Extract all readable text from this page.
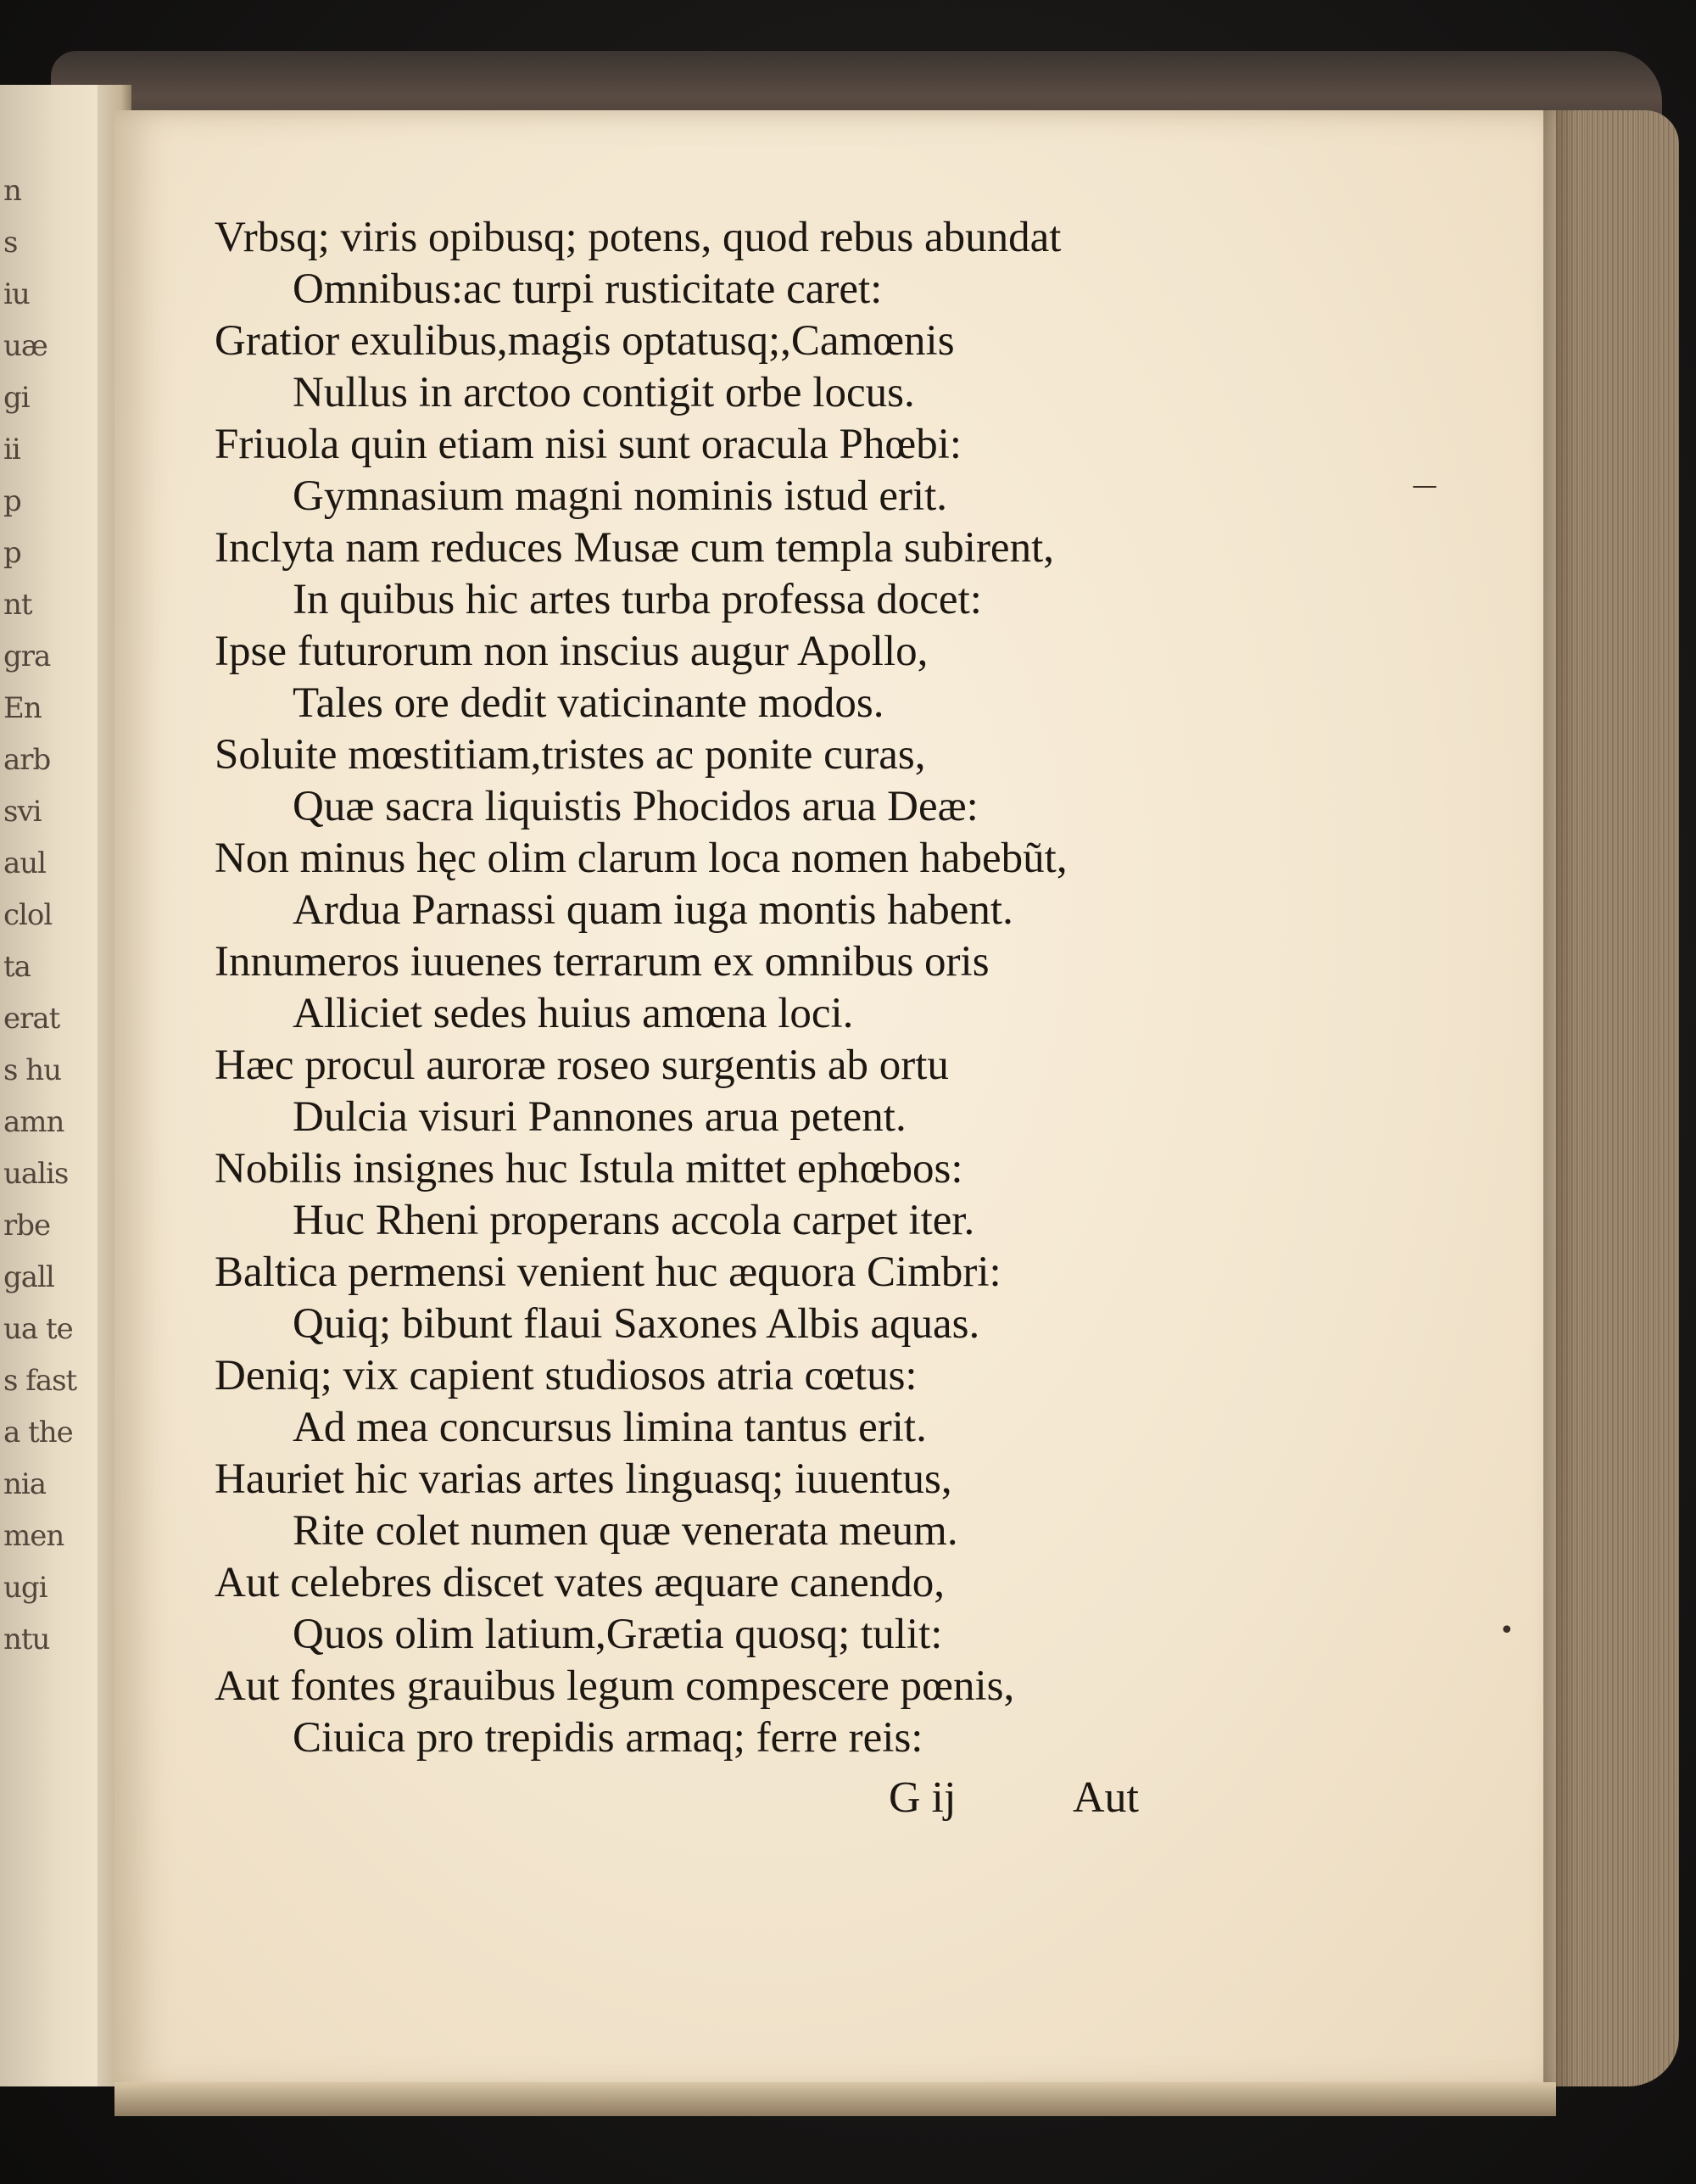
n
s
iu
uæ
gi
ii
p
p
nt
gra
En
arb
svi
aul
clol
ta
erat
s hu
amn
ualis
rbe
gall
ua te
s fast
a the
nia
men
ugi
ntu
Vrbsq; viris opibusq; potens, quod rebus abundat
Omnibus:ac turpi rusticitate caret:
Gratior exulibus,magis optatusq;,Camœnis
Nullus in arctoo contigit orbe locus.
Friuola quin etiam nisi sunt oracula Phœbi:
Gymnasium magni nominis istud erit.
Inclyta nam reduces Musæ cum templa subirent,
In quibus hic artes turba professa docet:
Ipse futurorum non inscius augur Apollo,
Tales ore dedit vaticinante modos.
Soluite mœstitiam,tristes ac ponite curas,
Quæ sacra liquistis Phocidos arua Deæ:
Non minus hęc olim clarum loca nomen habebũt,
Ardua Parnassi quam iuga montis habent.
Innumeros iuuenes terrarum ex omnibus oris
Alliciet sedes huius amœna loci.
Hæc procul auroræ roseo surgentis ab ortu
Dulcia visuri Pannones arua petent.
Nobilis insignes huc Istula mittet ephœbos:
Huc Rheni properans accola carpet iter.
Baltica permensi venient huc æquora Cimbri:
Quiq; bibunt flaui Saxones Albis aquas.
Deniq; vix capient studiosos atria cœtus:
Ad mea concursus limina tantus erit.
Hauriet hic varias artes linguasq; iuuentus,
Rite colet numen quæ venerata meum.
Aut celebres discet vates æquare canendo,
Quos olim latium,Grætia quosq; tulit:
Aut fontes grauibus legum compescere pœnis,
Ciuica pro trepidis armaq; ferre reis:
G ij	Aut
—
•
